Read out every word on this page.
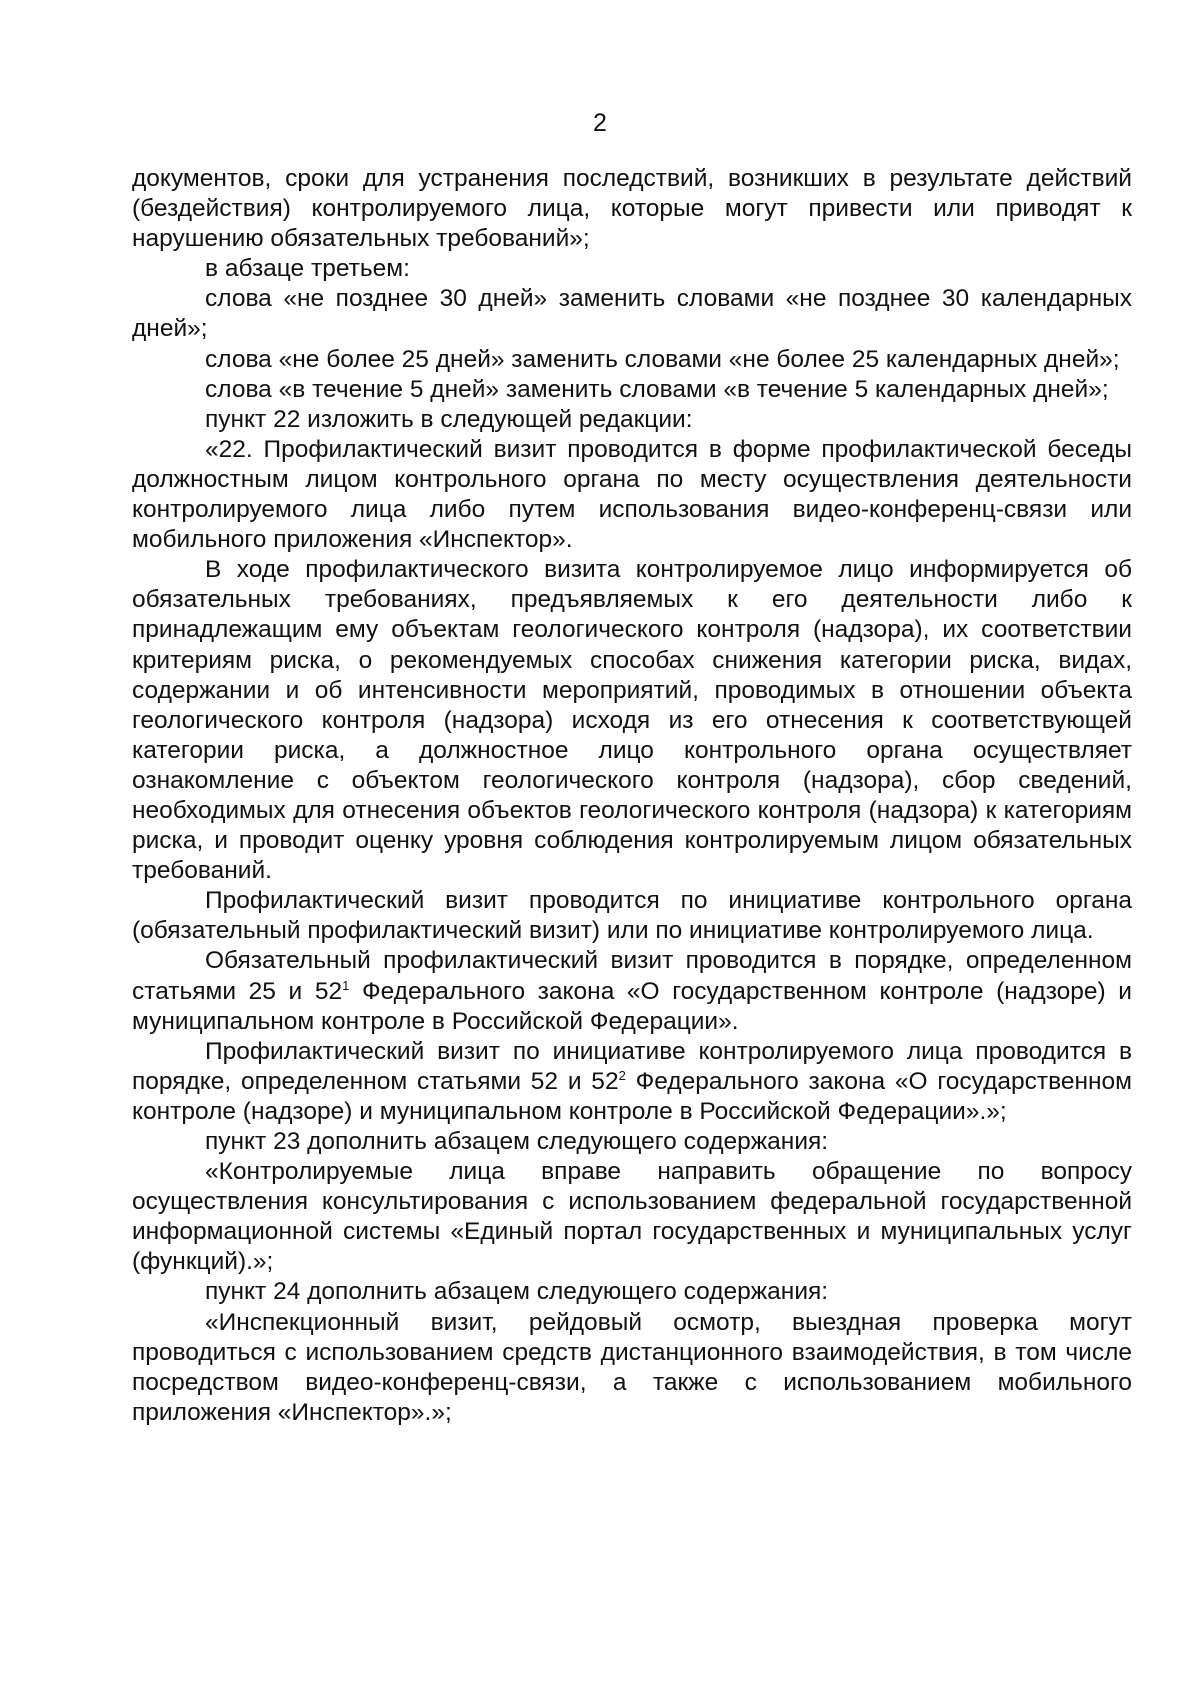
2

документов, сроки для устранения последствий, возникших в результате действий (бездействия) контролируемого лица, которые могут привести или приводят к нарушению обязательных требований»;

в абзаце третьем:

слова «не позднее 30 дней» заменить словами «не позднее 30 календарных дней»;

слова «не более 25 дней» заменить словами «не более 25 календарных дней»;

слова «в течение 5 дней» заменить словами «в течение 5 календарных дней»;

пункт 22 изложить в следующей редакции:

«22. Профилактический визит проводится в форме профилактической беседы должностным лицом контрольного органа по месту осуществления деятельности контролируемого лица либо путем использования видео-конференц-связи или мобильного приложения «Инспектор».

В ходе профилактического визита контролируемое лицо информируется об обязательных требованиях, предъявляемых к его деятельности либо к принадлежащим ему объектам геологического контроля (надзора), их соответствии критериям риска, о рекомендуемых способах снижения категории риска, видах, содержании и об интенсивности мероприятий, проводимых в отношении объекта геологического контроля (надзора) исходя из его отнесения к соответствующей категории риска, а должностное лицо контрольного органа осуществляет ознакомление с объектом геологического контроля (надзора), сбор сведений, необходимых для отнесения объектов геологического контроля (надзора) к категориям риска, и проводит оценку уровня соблюдения контролируемым лицом обязательных требований.

Профилактический визит проводится по инициативе контрольного органа (обязательный профилактический визит) или по инициативе контролируемого лица.

Обязательный профилактический визит проводится в порядке, определенном статьями 25 и $52^1$ Федерального закона «О государственном контроле (надзоре) и муниципальном контроле в Российской Федерации».

Профилактический визит по инициативе контролируемого лица проводится в порядке, определенном статьями 52 и $52^2$ Федерального закона «О государственном контроле (надзоре) и муниципальном контроле в Российской Федерации».»;

пункт 23 дополнить абзацем следующего содержания:

«Контролируемые лица вправе направить обращение по вопросу осуществления консультирования с использованием федеральной государственной информационной системы «Единый портал государственных и муниципальных услуг (функций).»;

пункт 24 дополнить абзацем следующего содержания:

«Инспекционный визит, рейдовый осмотр, выездная проверка могут проводиться с использованием средств дистанционного взаимодействия, в том числе посредством видео-конференц-связи, а также с использованием мобильного приложения «Инспектор».»;
